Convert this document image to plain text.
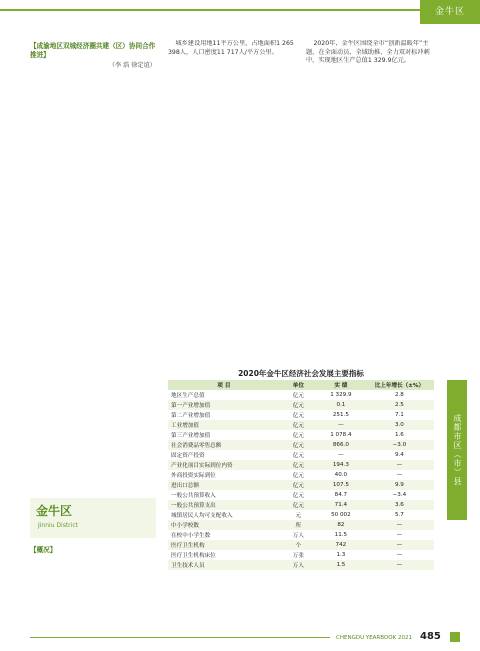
金牛区
【成渝地区双城经济圈共建（区）协同合作推进】

（李 浩 徐定谊）

城乡建设用地11平方公里，占地面积1 265 398人，人口密度11 717人/平方公里。

2020年，金牛区围绕全市“创新温暖年”主题，在全面动员、全域助推、全力双对标冲刺中，实现地区生产总值1 329.9亿元。

金牛区
Jinniu District
【概况】
2020年金牛区经济社会发展主要指标
项 目	单位	实 绩	比上年增长（±%）
地区生产总值	亿元	1 329.9	2.8
第一产业增加值	亿元	0.1	2.5
第二产业增加值	亿元	251.5	7.1
工业增加值	亿元	—	3.0
第三产业增加值	亿元	1 078.4	1.6
社会消费品零售总额	亿元	866.0	−3.0
固定资产投资	亿元	—	9.4
产业化项目实际到位内资	亿元	194.3	—
外商投资实际到位	亿元	40.0	—
进出口总额	亿元	107.5	9.9
一般公共预算收入	亿元	84.7	−3.4
一般公共预算支出	亿元	71.4	3.6
城镇居民人均可支配收入	元	50 002	5.7
中小学校数	所	82	—
在校中小学生数	万人	11.5	—
医疗卫生机构	个	742	—
医疗卫生机构床位	万张	1.3	—
卫生技术人员	万人	1.5	—
成都市区（市）县
CHENGDU YEARBOOK 2021 485
